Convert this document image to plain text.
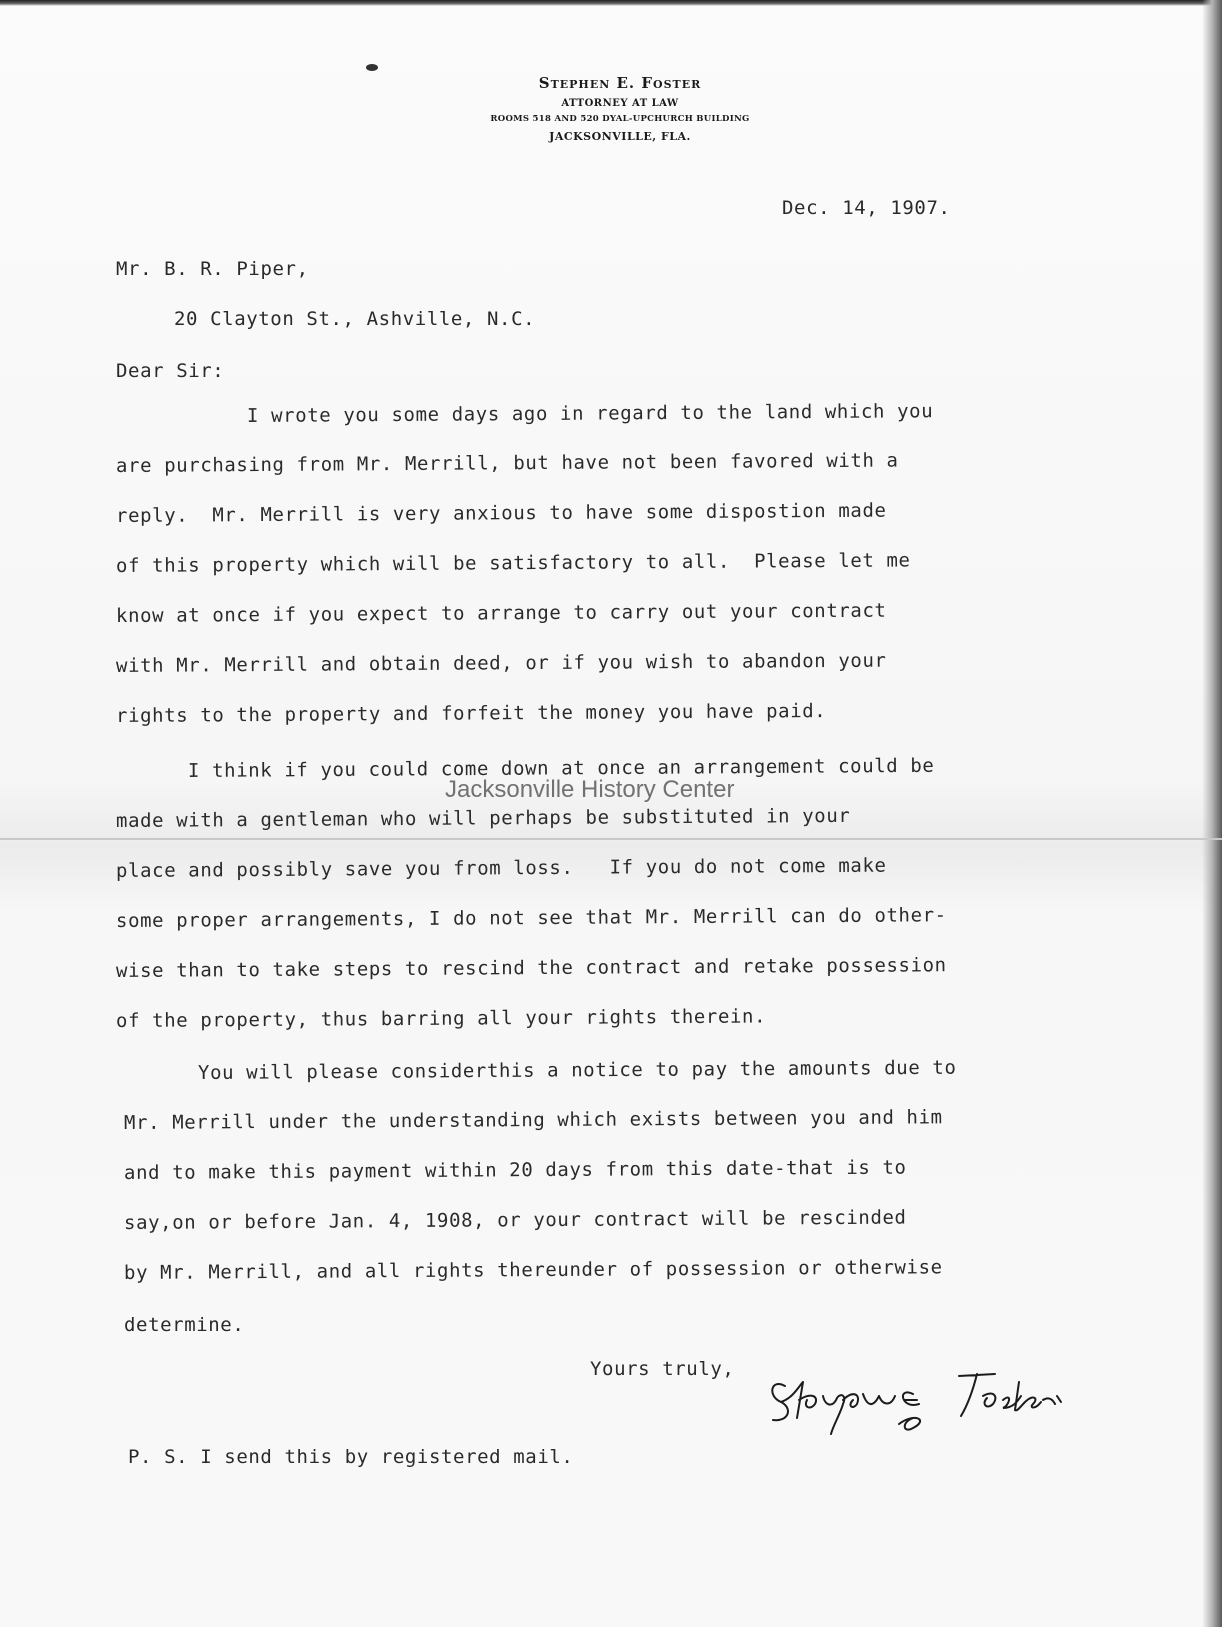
Stephen E. Foster
ATTORNEY AT LAW
ROOMS 518 AND 520 DYAL-UPCHURCH BUILDING
JACKSONVILLE, FLA.
Dec. 14, 1907.
Mr. B. R. Piper,
20 Clayton St., Ashville, N.C.
Dear Sir:
I wrote you some days ago in regard to the land which you
are purchasing from Mr. Merrill, but have not been favored with a
reply.  Mr. Merrill is very anxious to have some dispostion made
of this property which will be satisfactory to all.  Please let me
know at once if you expect to arrange to carry out your contract
with Mr. Merrill and obtain deed, or if you wish to abandon your
rights to the property and forfeit the money you have paid.
I think if you could come down at once an arrangement could be
made with a gentleman who will perhaps be substituted in your
place and possibly save you from loss.   If you do not come make
some proper arrangements, I do not see that Mr. Merrill can do other-
wise than to take steps to rescind the contract and retake possession
of the property, thus barring all your rights therein.
You will please considerthis a notice to pay the amounts due to
Mr. Merrill under the understanding which exists between you and him
and to make this payment within 20 days from this date-that is to
say,on or before Jan. 4, 1908, or your contract will be rescinded
by Mr. Merrill, and all rights thereunder of possession or otherwise
determine.
Yours truly,
P. S. I send this by registered mail.
Jacksonville History Center
